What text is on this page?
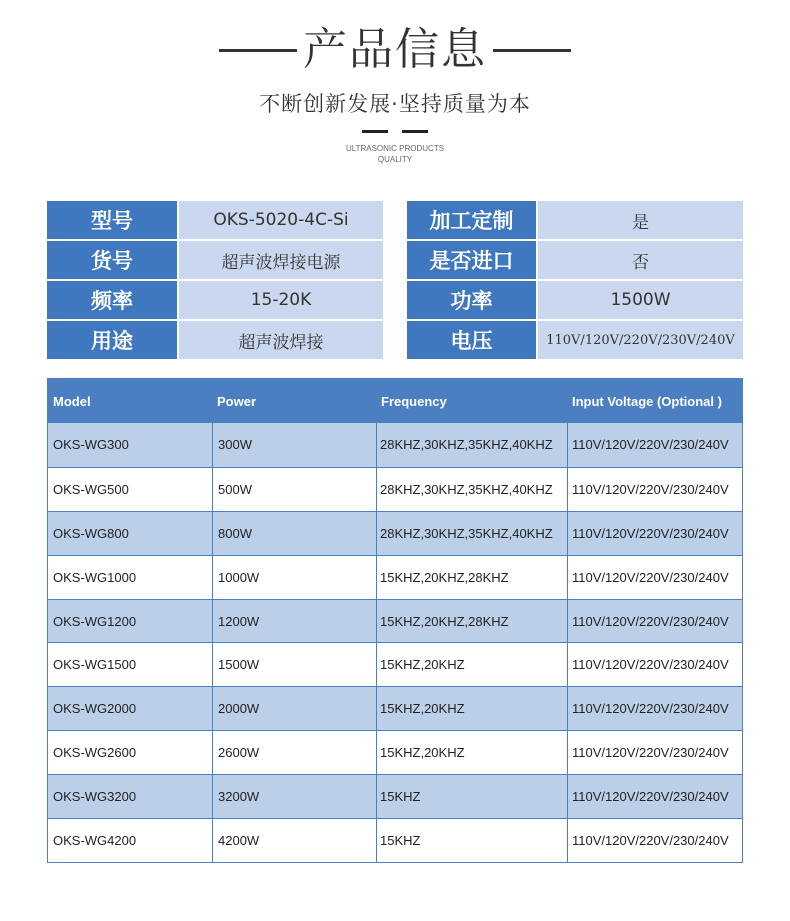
产品信息
不断创新发展·坚持质量为本
ULTRASONIC PRODUCTS
QUALITY
型号	OKS-5020-4C-Si
货号	超声波焊接电源
频率	15-20K
用途	超声波焊接
加工定制	是
是否进口	否
功率	1500W
电压	110V/120V/220V/230V/240V
Model	Power	Frequency	Input Voltage (Optional )
OKS-WG300	300W	28KHZ,30KHZ,35KHZ,40KHZ	110V/120V/220V/230/240V
OKS-WG500	500W	28KHZ,30KHZ,35KHZ,40KHZ	110V/120V/220V/230/240V
OKS-WG800	800W	28KHZ,30KHZ,35KHZ,40KHZ	110V/120V/220V/230/240V
OKS-WG1000	1000W	15KHZ,20KHZ,28KHZ	110V/120V/220V/230/240V
OKS-WG1200	1200W	15KHZ,20KHZ,28KHZ	110V/120V/220V/230/240V
OKS-WG1500	1500W	15KHZ,20KHZ	110V/120V/220V/230/240V
OKS-WG2000	2000W	15KHZ,20KHZ	110V/120V/220V/230/240V
OKS-WG2600	2600W	15KHZ,20KHZ	110V/120V/220V/230/240V
OKS-WG3200	3200W	15KHZ	110V/120V/220V/230/240V
OKS-WG4200	4200W	15KHZ	110V/120V/220V/230/240V
